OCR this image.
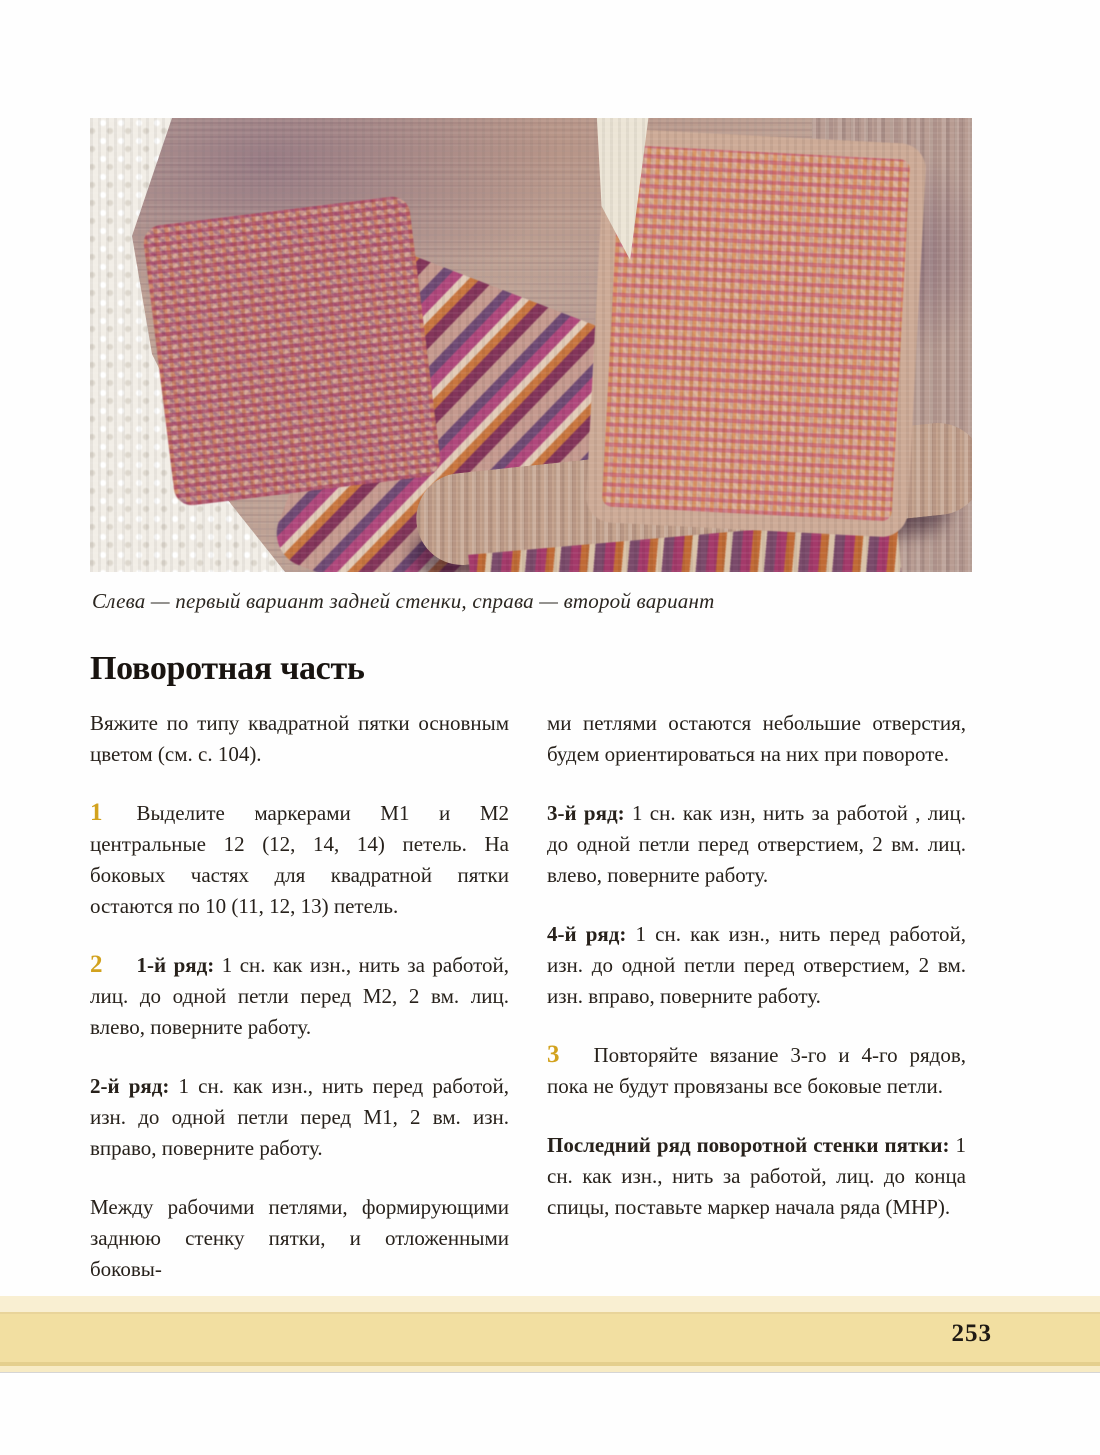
Слева — первый вариант задней стенки, справа — второй вариант
Поворотная часть

Вяжите по типу квадратной пятки основным цветом (см. с. 104).

1 Выделите маркерами М1 и М2 центральные 12 (12, 14, 14) петель. На боковых частях для квадратной пятки остаются по 10 (11, 12, 13) петель.

2 1-й ряд: 1 сн. как изн., нить за работой, лиц. до одной петли перед М2, 2 вм. лиц. влево, поверните работу.

2-й ряд: 1 сн. как изн., нить перед работой, изн. до одной петли перед М1, 2 вм. изн. вправо, поверните работу.

Между рабочими петлями, формирующими заднюю стенку пятки, и отложенными боковы-

ми петлями остаются небольшие отверстия, будем ориентироваться на них при повороте.

3-й ряд: 1 сн. как изн, нить за работой , лиц. до одной петли перед отверстием, 2 вм. лиц. влево, поверните работу.

4-й ряд: 1 сн. как изн., нить перед работой, изн. до одной петли перед отверстием, 2 вм. изн. вправо, поверните работу.

3 Повторяйте вязание 3-го и 4-го рядов, пока не будут провязаны все боковые петли.

Последний ряд поворотной стенки пятки: 1 сн. как изн., нить за работой, лиц. до конца спицы, поставьте маркер начала ряда (МНР).

253
